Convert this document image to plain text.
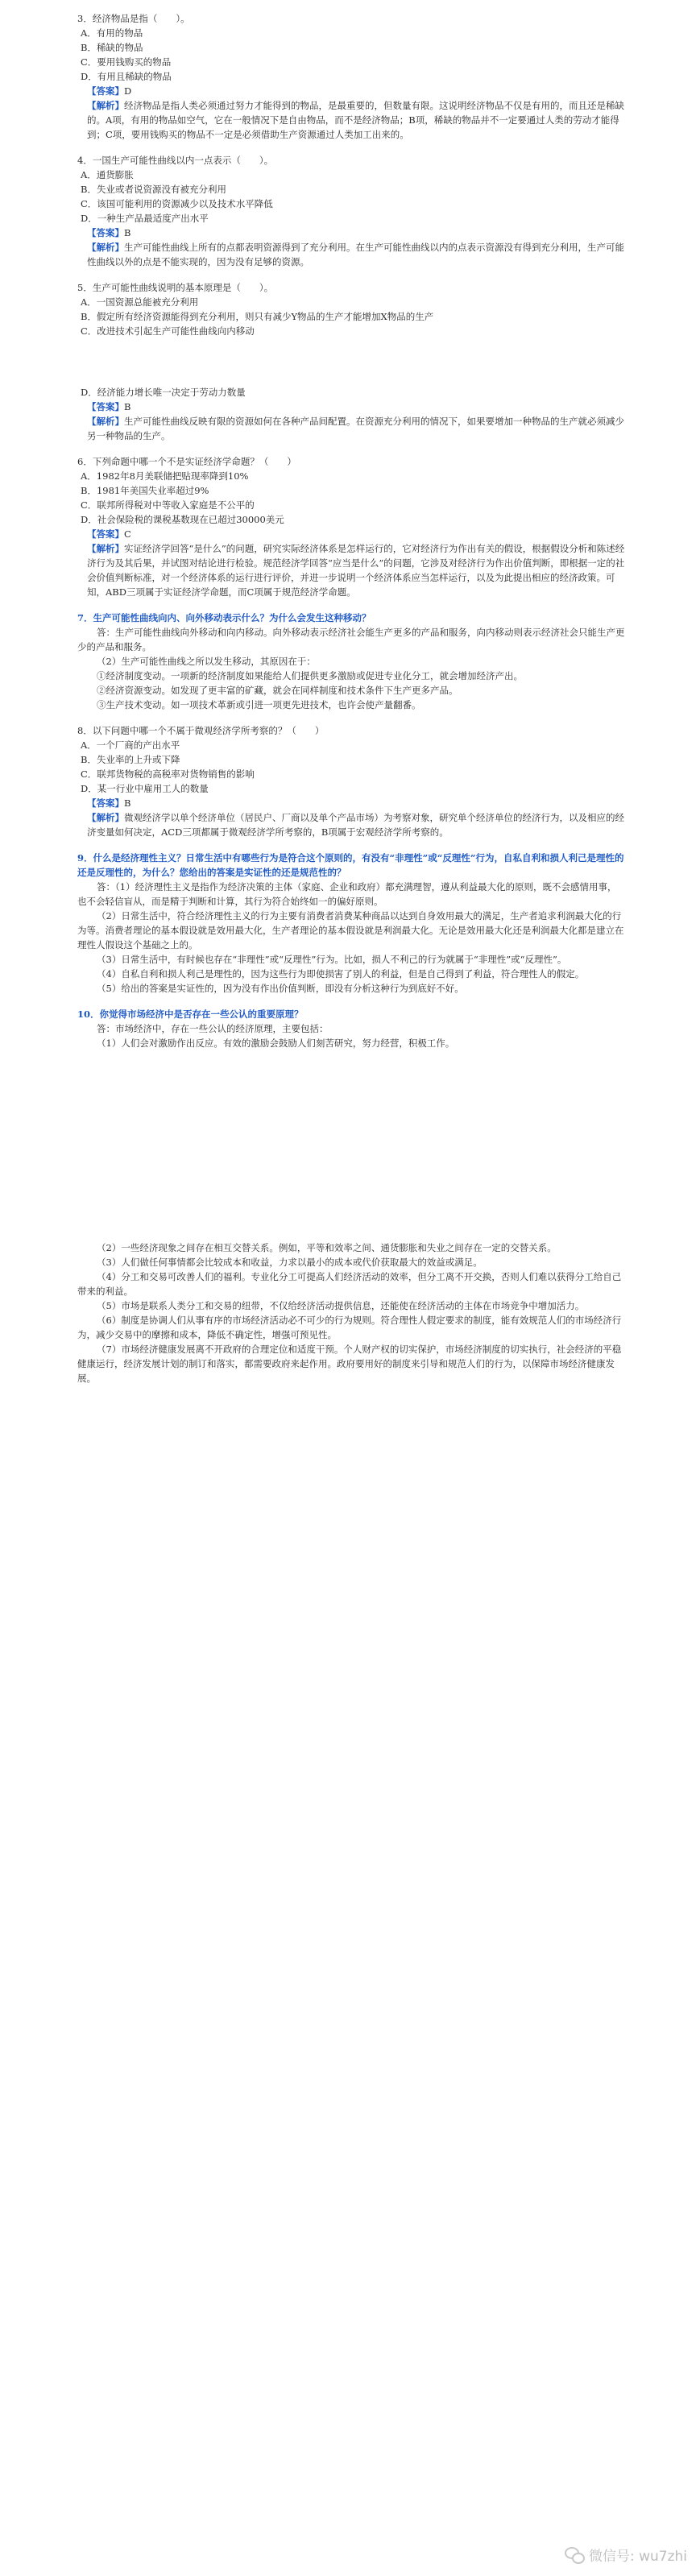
3．经济物品是指（　　）。

A．有用的物品

B．稀缺的物品

C．要用钱购买的物品

D．有用且稀缺的物品

【答案】D

【解析】经济物品是指人类必须通过努力才能得到的物品，是最重要的，但数量有限。这说明经济物品不仅是有用的，而且还是稀缺的。A项，有用的物品如空气，它在一般情况下是自由物品，而不是经济物品；B项，稀缺的物品并不一定要通过人类的劳动才能得到；C项，要用钱购买的物品不一定是必须借助生产资源通过人类加工出来的。

4．一国生产可能性曲线以内一点表示（　　）。

A．通货膨胀

B．失业或者说资源没有被充分利用

C．该国可能利用的资源减少以及技术水平降低

D．一种生产品最适度产出水平

【答案】B

【解析】生产可能性曲线上所有的点都表明资源得到了充分利用。在生产可能性曲线以内的点表示资源没有得到充分利用，生产可能性曲线以外的点是不能实现的，因为没有足够的资源。

5．生产可能性曲线说明的基本原理是（　　）。

A．一国资源总能被充分利用

B．假定所有经济资源能得到充分利用，则只有减少Y物品的生产才能增加X物品的生产

C．改进技术引起生产可能性曲线向内移动

D．经济能力增长唯一决定于劳动力数量

【答案】B

【解析】生产可能性曲线反映有限的资源如何在各种产品间配置。在资源充分利用的情况下，如果要增加一种物品的生产就必须减少另一种物品的生产。

6．下列命题中哪一个不是实证经济学命题？（　　）

A．1982年8月美联储把贴现率降到10%

B．1981年美国失业率超过9%

C．联邦所得税对中等收入家庭是不公平的

D．社会保险税的课税基数现在已超过30000美元

【答案】C

【解析】实证经济学回答“是什么”的问题，研究实际经济体系是怎样运行的，它对经济行为作出有关的假设，根据假设分析和陈述经济行为及其后果，并试图对结论进行检验。规范经济学回答“应当是什么”的问题，它涉及对经济行为作出价值判断，即根据一定的社会价值判断标准，对一个经济体系的运行进行评价，并进一步说明一个经济体系应当怎样运行，以及为此提出相应的经济政策。可知，ABD三项属于实证经济学命题，而C项属于规范经济学命题。

7．生产可能性曲线向内、向外移动表示什么？为什么会发生这种移动？

答：生产可能性曲线向外移动和向内移动。向外移动表示经济社会能生产更多的产品和服务，向内移动则表示经济社会只能生产更少的产品和服务。

（2）生产可能性曲线之所以发生移动，其原因在于：

①经济制度变动。一项新的经济制度如果能给人们提供更多激励或促进专业化分工，就会增加经济产出。

②经济资源变动。如发现了更丰富的矿藏，就会在同样制度和技术条件下生产更多产品。

③生产技术变动。如一项技术革新或引进一项更先进技术，也许会使产量翻番。

8．以下问题中哪一个不属于微观经济学所考察的？（　　）

A．一个厂商的产出水平

B．失业率的上升或下降

C．联邦货物税的高税率对货物销售的影响

D．某一行业中雇用工人的数量

【答案】B

【解析】微观经济学以单个经济单位（居民户、厂商以及单个产品市场）为考察对象，研究单个经济单位的经济行为，以及相应的经济变量如何决定，ACD三项都属于微观经济学所考察的，B项属于宏观经济学所考察的。

9．什么是经济理性主义？日常生活中有哪些行为是符合这个原则的，有没有“非理性”或“反理性”行为，自私自利和损人利己是理性的还是反理性的，为什么？您给出的答案是实证性的还是规范性的？

答：（1）经济理性主义是指作为经济决策的主体（家庭、企业和政府）都充满理智，遵从利益最大化的原则，既不会感情用事，也不会轻信盲从，而是精于判断和计算，其行为符合始终如一的偏好原则。

（2）日常生活中，符合经济理性主义的行为主要有消费者消费某种商品以达到自身效用最大的满足，生产者追求利润最大化的行为等。消费者理论的基本假设就是效用最大化，生产者理论的基本假设就是利润最大化。无论是效用最大化还是利润最大化都是建立在理性人假设这个基础之上的。

（3）日常生活中，有时候也存在“非理性”或“反理性”行为。比如，损人不利己的行为就属于“非理性”或“反理性”。

（4）自私自利和损人利己是理性的，因为这些行为即使损害了别人的利益，但是自己得到了利益，符合理性人的假定。

（5）给出的答案是实证性的，因为没有作出价值判断，即没有分析这种行为到底好不好。

10．你觉得市场经济中是否存在一些公认的重要原理？

答：市场经济中，存在一些公认的经济原理，主要包括：

（1）人们会对激励作出反应。有效的激励会鼓励人们刻苦研究，努力经营，积极工作。

（2）一些经济现象之间存在相互交替关系。例如，平等和效率之间、通货膨胀和失业之间存在一定的交替关系。

（3）人们做任何事情都会比较成本和收益，力求以最小的成本或代价获取最大的效益或满足。

（4）分工和交易可改善人们的福利。专业化分工可提高人们经济活动的效率，但分工离不开交换，否则人们难以获得分工给自己带来的利益。

（5）市场是联系人类分工和交易的纽带，不仅给经济活动提供信息，还能使在经济活动的主体在市场竞争中增加活力。

（6）制度是协调人们从事有序的市场经济活动必不可少的行为规则。符合理性人假定要求的制度，能有效规范人们的市场经济行为，减少交易中的摩擦和成本，降低不确定性，增强可预见性。

（7）市场经济健康发展离不开政府的合理定位和适度干预。个人财产权的切实保护，市场经济制度的切实执行，社会经济的平稳健康运行，经济发展计划的制订和落实，都需要政府来起作用。政府要用好的制度来引导和规范人们的行为，以保障市场经济健康发展。

微信号: wu7zhi
